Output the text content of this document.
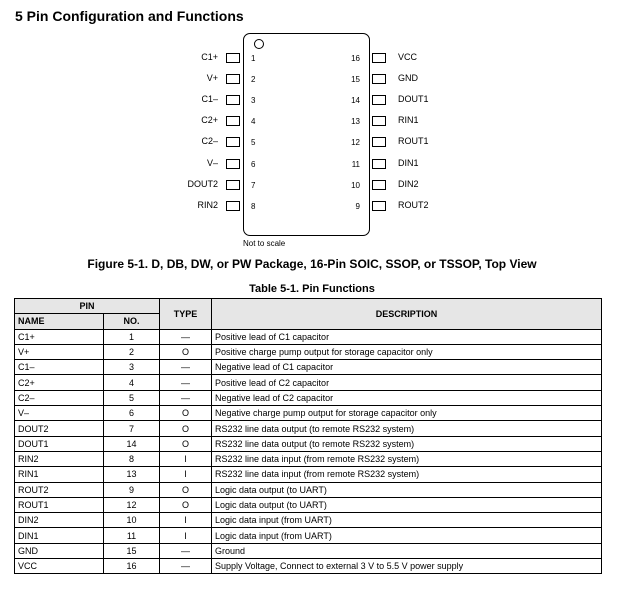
5 Pin Configuration and Functions
C1+	1
V+	2
C1–	3
C2+	4
C2–	5
V–	6
DOUT2	7
RIN2	8
VCC
16
GND
15
DOUT1
14
RIN1
13
ROUT1
12
DIN1
11
DIN2
10
ROUT2
9
Not to scale
Figure 5-1. D, DB, DW, or PW Package, 16-Pin SOIC, SSOP, or TSSOP, Top View
Table 5-1. Pin Functions
PIN		TYPE	DESCRIPTION
NAME	NO.		
C1+	1	—	Positive lead of C1 capacitor
V+	2	O	Positive charge pump output for storage capacitor only
C1–	3	—	Negative lead of C1 capacitor
C2+	4	—	Positive lead of C2 capacitor
C2–	5	—	Negative lead of C2 capacitor
V–	6	O	Negative charge pump output for storage capacitor only
DOUT2	7	O	RS232 line data output (to remote RS232 system)
DOUT1	14	O	RS232 line data output (to remote RS232 system)
RIN2	8	I	RS232 line data input (from remote RS232 system)
RIN1	13	I	RS232 line data input (from remote RS232 system)
ROUT2	9	O	Logic data output (to UART)
ROUT1	12	O	Logic data output (to UART)
DIN2	10	I	Logic data input (from UART)
DIN1	11	I	Logic data input (from UART)
GND	15	—	Ground
VCC	16	—	Supply Voltage, Connect to external 3 V to 5.5 V power supply
